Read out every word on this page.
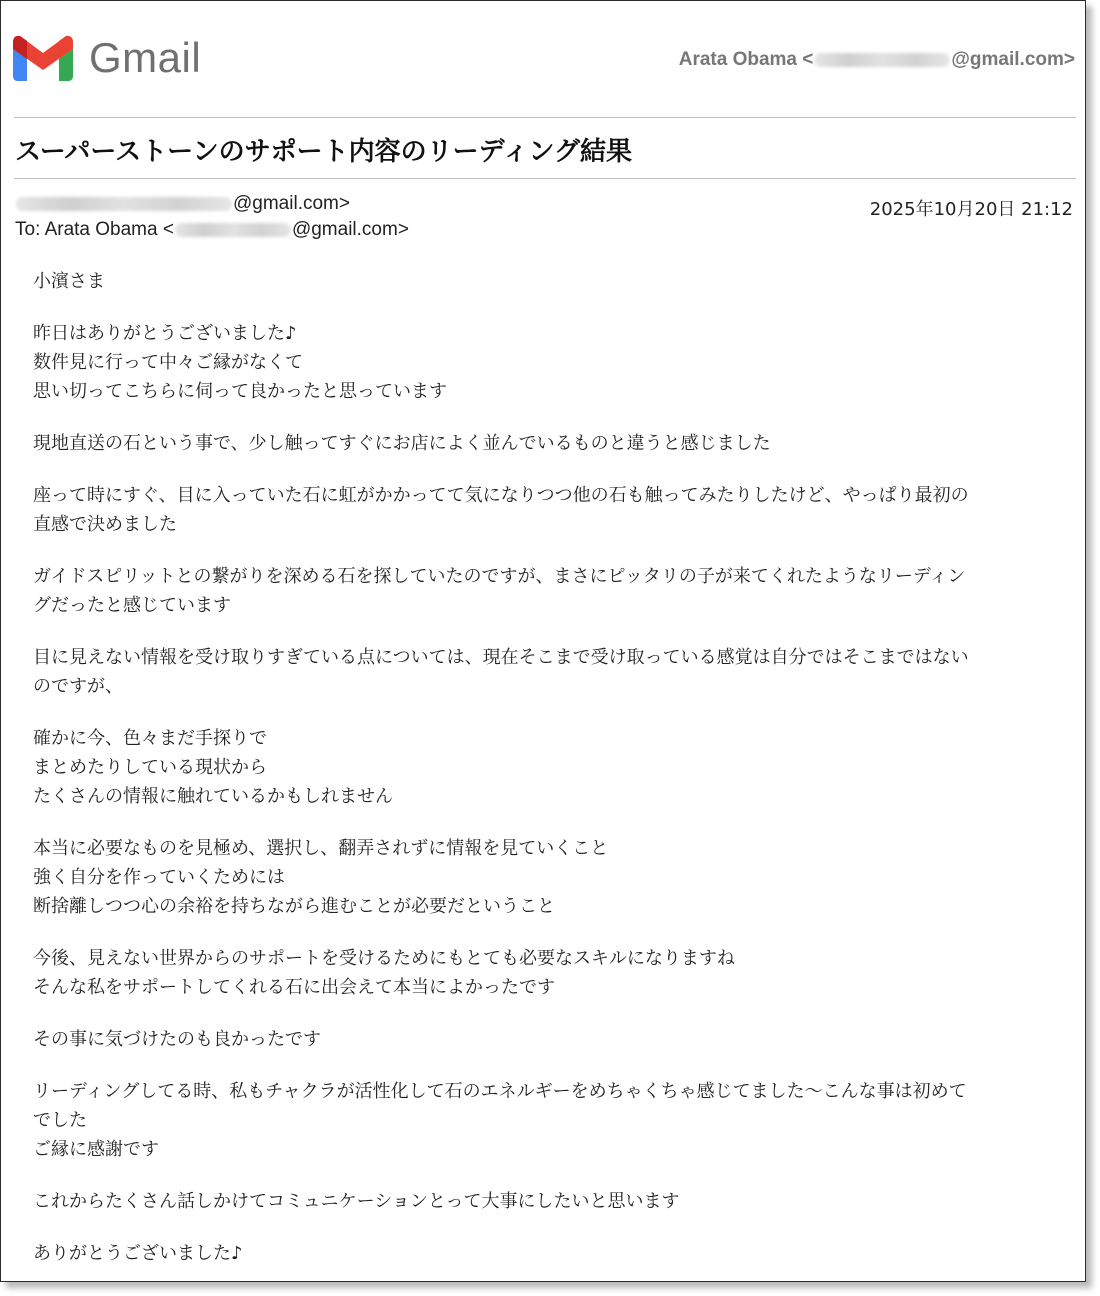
Gmail	Arata Obama <	@gmail.com>
スーパーストーンのサポート内容のリーディング結果
@gmail.com>
To: Arata Obama <	@gmail.com>
2025年10月20日 21:12
小濱さま
昨日はありがとうございました♪
数件見に行って中々ご縁がなくて
思い切ってこちらに伺って良かったと思っています
現地直送の石という事で、少し触ってすぐにお店によく並んでいるものと違うと感じました
座って時にすぐ、目に入っていた石に虹がかかってて気になりつつ他の石も触ってみたりしたけど、やっぱり最初の
直感で決めました
ガイドスピリットとの繋がりを深める石を探していたのですが、まさにピッタリの子が来てくれたようなリーディン
グだったと感じています
目に見えない情報を受け取りすぎている点については、現在そこまで受け取っている感覚は自分ではそこまではない
のですが、
確かに今、色々まだ手探りで
まとめたりしている現状から
たくさんの情報に触れているかもしれません
本当に必要なものを見極め、選択し、翻弄されずに情報を見ていくこと
強く自分を作っていくためには
断捨離しつつ心の余裕を持ちながら進むことが必要だということ
今後、見えない世界からのサポートを受けるためにもとても必要なスキルになりますね
そんな私をサポートしてくれる石に出会えて本当によかったです
その事に気づけたのも良かったです
リーディングしてる時、私もチャクラが活性化して石のエネルギーをめちゃくちゃ感じてました〜こんな事は初めて
でした
ご縁に感謝です
これからたくさん話しかけてコミュニケーションとって大事にしたいと思います
ありがとうございました♪
